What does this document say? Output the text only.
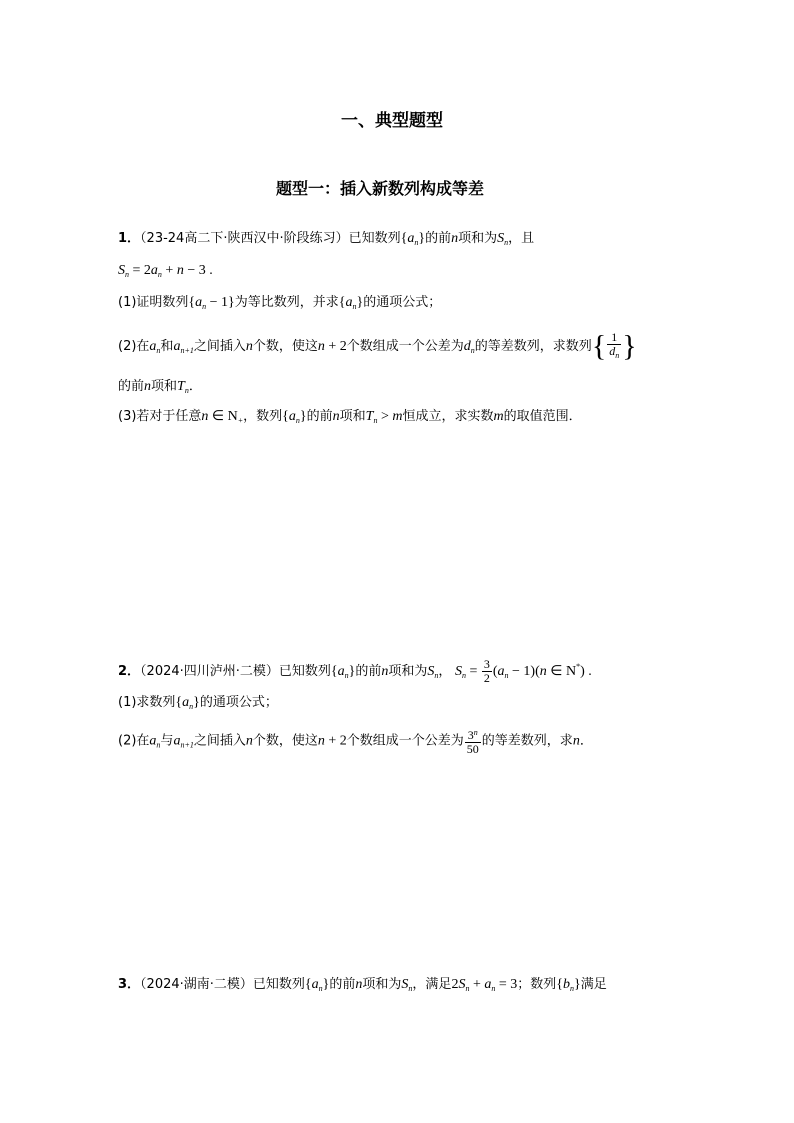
一、典型题型
题型一：插入新数列构成等差
1．（23-24高二下·陕西汉中·阶段练习）已知数列$\{a_n\}$的前n项和为$S_n$，且
$S_n = 2a_n + n - 3$ .
(1)证明数列$\{a_n - 1\}$为等比数列，并求$\{a_n\}$的通项公式；
(2)在$a_n$和$a_{n+1}$之间插入n个数，使这n + 2个数组成一个公差为$d_n$的等差数列，求数列{ $\frac{1}{d_n}$ }
的前n项和$T_n$．
(3)若对于任意n ∈ $N_+$，数列$\{a_n\}$的前n项和$T_n > m$恒成立，求实数m的取值范围．
2．（2024·四川泸州·二模）已知数列$\{a_n\}$的前n项和为$S_n$， $S_n = \frac{3}{2} (a_n - 1)(n$ ∈ N*) .
(1)求数列$\{a_n\}$的通项公式；
(2)在$a_n$与$a_{n+1}$之间插入n个数，使这n + 2个数组成一个公差为 $\frac{3^n}{50}$ 的等差数列，求n．
3．（2024·湖南·二模）已知数列$\{a_n\}$的前n项和为$S_n$，满足$2S_n + a_n = 3$；数列$\{b_n\}$满足
